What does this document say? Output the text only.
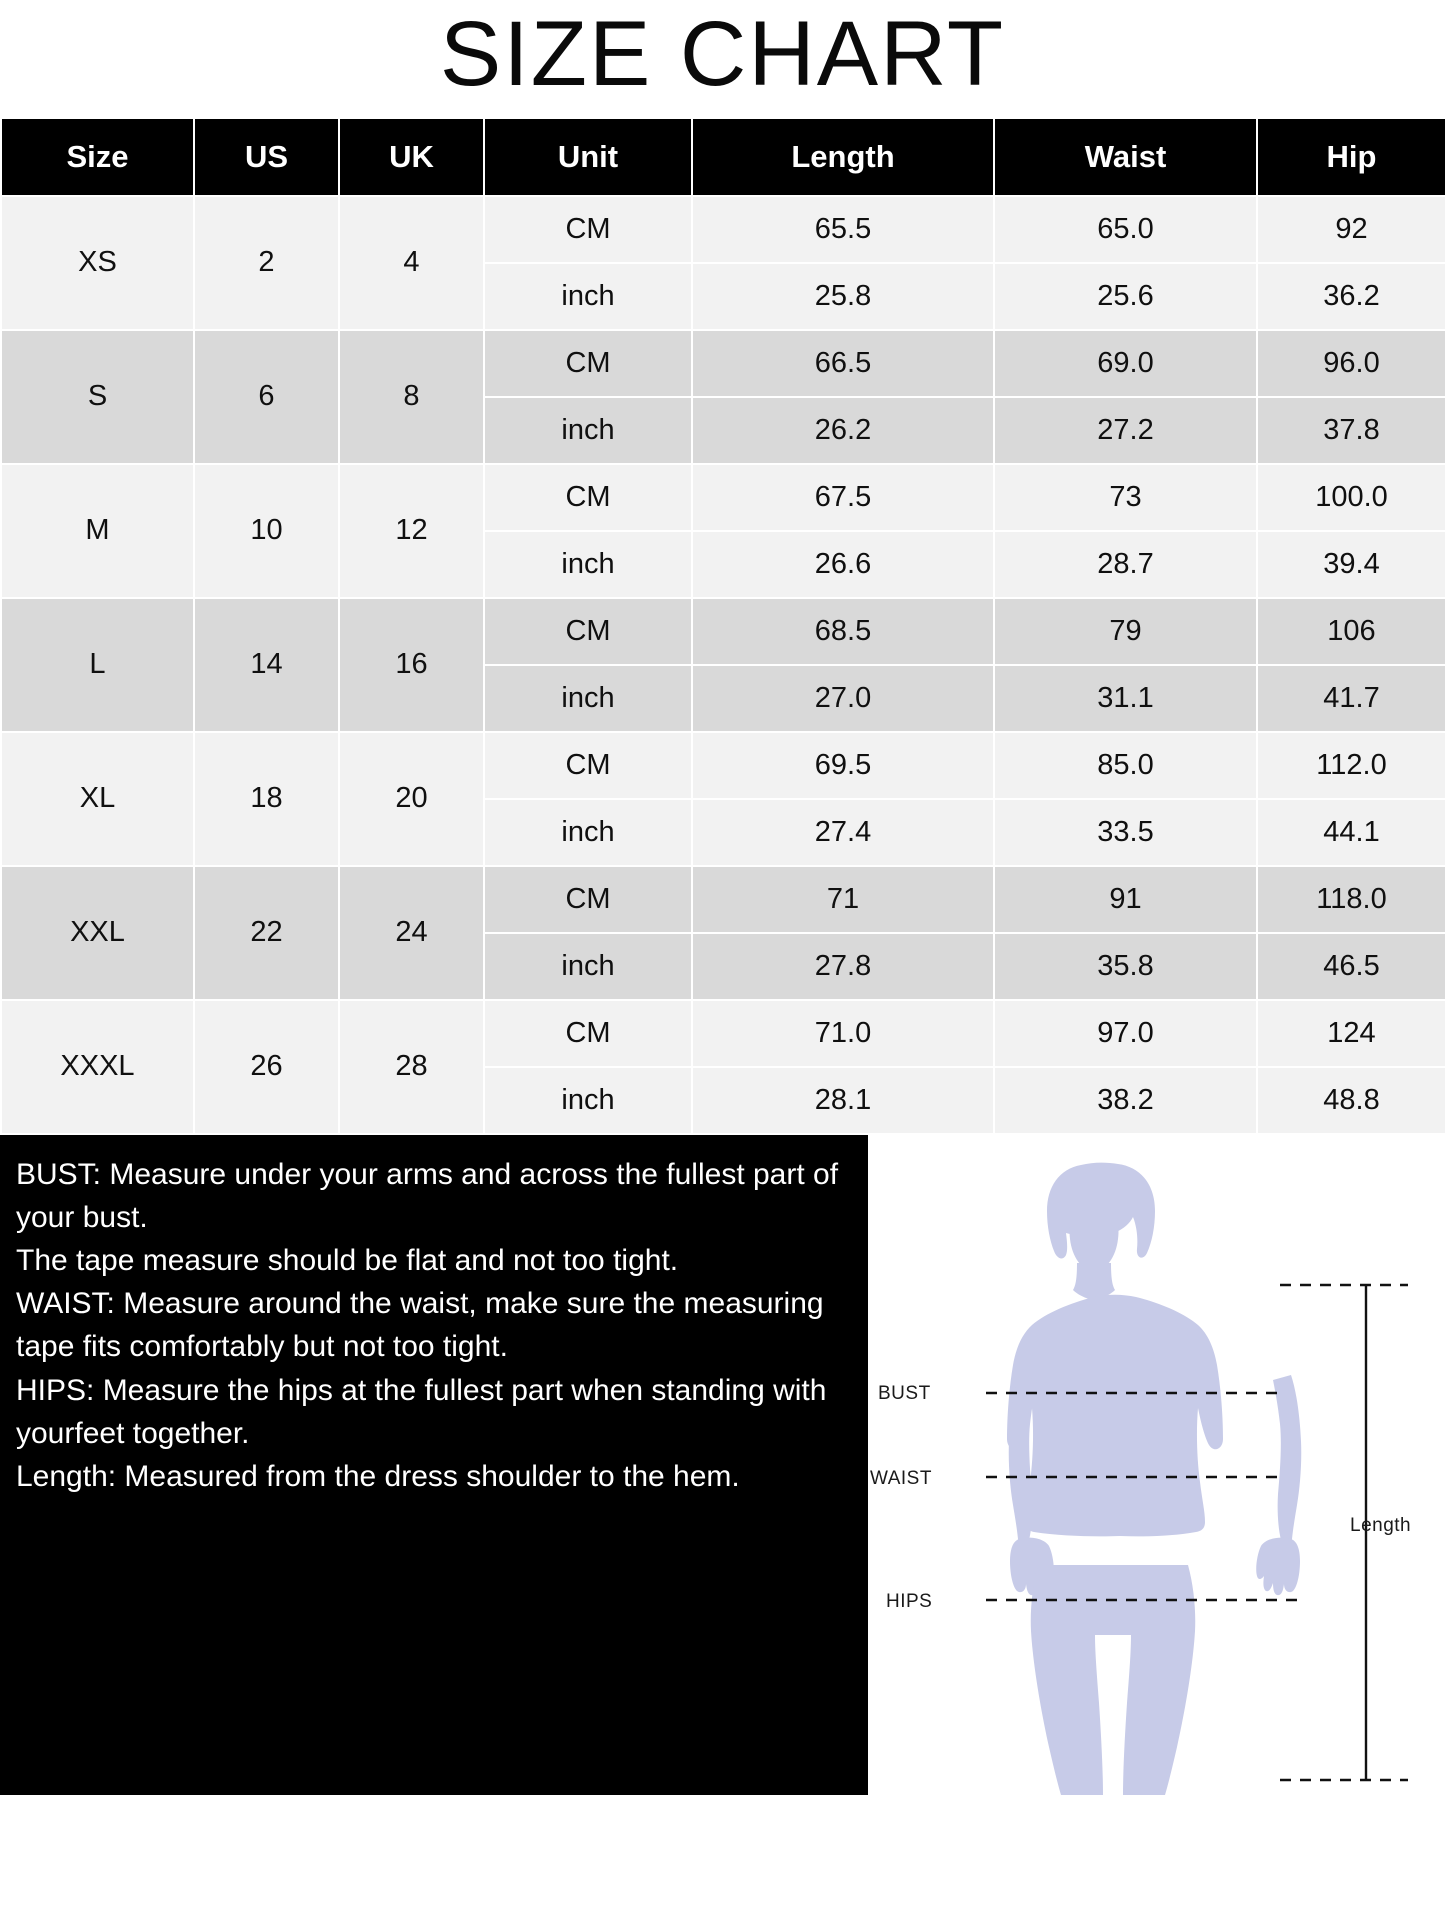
SIZE CHART
Size	US	UK	Unit	Length	Waist	Hip
XS	2	4	CM	65.5	65.0	92
			inch	25.8	25.6	36.2
S	6	8	CM	66.5	69.0	96.0
			inch	26.2	27.2	37.8
M	10	12	CM	67.5	73	100.0
			inch	26.6	28.7	39.4
L	14	16	CM	68.5	79	106
			inch	27.0	31.1	41.7
XL	18	20	CM	69.5	85.0	112.0
			inch	27.4	33.5	44.1
XXL	22	24	CM	71	91	118.0
			inch	27.8	35.8	46.5
XXXL	26	28	CM	71.0	97.0	124
			inch	28.1	38.2	48.8

BUST: Measure under your arms and across the fullest part of your bust.

The tape measure should be flat and not too tight.

WAIST: Measure around the waist, make sure the measuring tape fits comfortably but not too tight.

HIPS: Measure the hips at the fullest part when standing with yourfeet together.

Length: Measured from the dress shoulder to the hem.

BUST
WAIST
HIPS
Length
